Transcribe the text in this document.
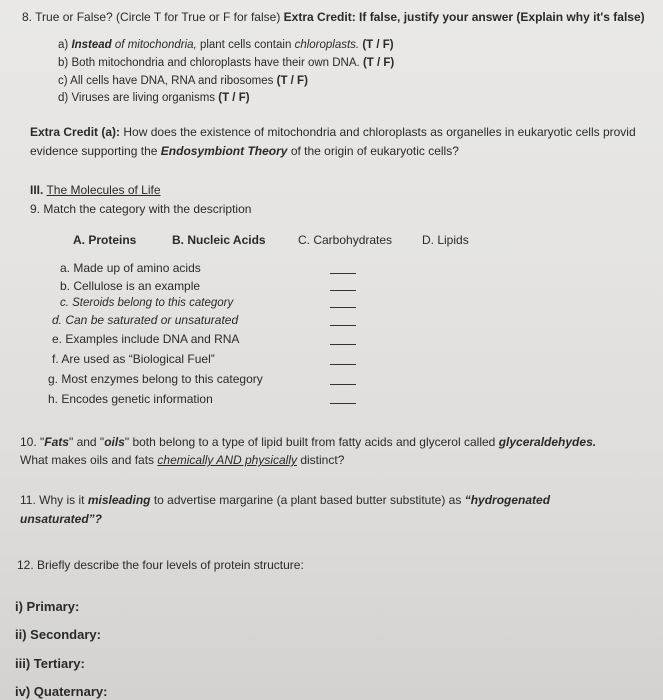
8. True or False? (Circle T for True or F for false) Extra Credit: If false, justify your answer (Explain why it's false)
a) Instead of mitochondria, plant cells contain chloroplasts. (T / F)
b) Both mitochondria and chloroplasts have their own DNA. (T / F)
c) All cells have DNA, RNA and ribosomes (T / F)
d) Viruses are living organisms (T / F)
Extra Credit (a): How does the existence of mitochondria and chloroplasts as organelles in eukaryotic cells provid
evidence supporting the Endosymbiont Theory of the origin of eukaryotic cells?
III. The Molecules of Life
9. Match the category with the description
A. Proteins	B. Nucleic Acids	C. Carbohydrates D. Lipids
a. Made up of amino acids
b. Cellulose is an example
c. Steroids belong to this category
d. Can be saturated or unsaturated
e. Examples include DNA and RNA
f. Are used as “Biological Fuel”
g. Most enzymes belong to this category
h. Encodes genetic information
10. "Fats" and "oils" both belong to a type of lipid built from fatty acids and glycerol called glyceraldehydes.
What makes oils and fats chemically AND physically distinct?
11. Why is it misleading to advertise margarine (a plant based butter substitute) as “hydrogenated
unsaturated”?
12. Briefly describe the four levels of protein structure:
i) Primary:
ii) Secondary:
iii) Tertiary:
iv) Quaternary:
